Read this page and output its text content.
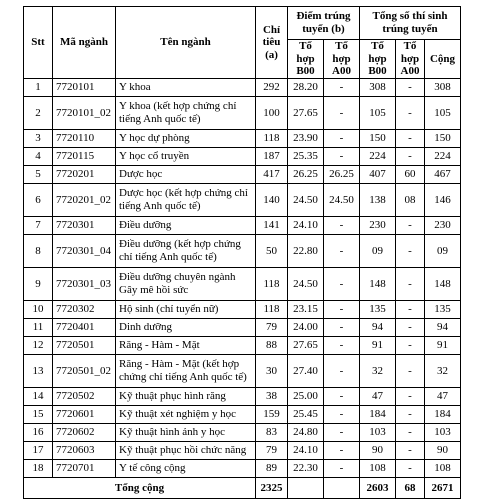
Stt	Mã ngành	Tên ngành	Chỉ tiêu (a)	Điểm trúng tuyển (b)		Tổng số thí sinh trúng tuyển		
				Tổ hợp B00	Tổ hợp A00	Tổ hợp B00	Tổ hợp A00	Cộng
1	7720101	Y khoa	292	28.20	-	308	-	308
2	7720101_02	Y khoa (kết hợp chứng chỉ tiếng Anh quốc tế)	100	27.65	-	105	-	105
3	7720110	Y học dự phòng	118	23.90	-	150	-	150
4	7720115	Y học cổ truyền	187	25.35	-	224	-	224
5	7720201	Dược học	417	26.25	26.25	407	60	467
6	7720201_02	Dược học (kết hợp chứng chỉ tiếng Anh quốc tế)	140	24.50	24.50	138	08	146
7	7720301	Điều dưỡng	141	24.10	-	230	-	230
8	7720301_04	Điều dưỡng (kết hợp chứng chỉ tiếng Anh quốc tế)	50	22.80	-	09	-	09
9	7720301_03	Điều dưỡng chuyên ngành Gây mê hồi sức	118	24.50	-	148	-	148
10	7720302	Hộ sinh (chỉ tuyển nữ)	118	23.15	-	135	-	135
11	7720401	Dinh dưỡng	79	24.00	-	94	-	94
12	7720501	Răng - Hàm - Mặt	88	27.65	-	91	-	91
13	7720501_02	Răng - Hàm - Mặt (kết hợp chứng chỉ tiếng Anh quốc tế)	30	27.40	-	32	-	32
14	7720502	Kỹ thuật phục hình răng	38	25.00	-	47	-	47
15	7720601	Kỹ thuật xét nghiệm y học	159	25.45	-	184	-	184
16	7720602	Kỹ thuật hình ảnh y học	83	24.80	-	103	-	103
17	7720603	Kỹ thuật phục hồi chức năng	79	24.10	-	90	-	90
18	7720701	Y tế công cộng	89	22.30	-	108	-	108
Tổng cộng			2325			2603	68	2671
